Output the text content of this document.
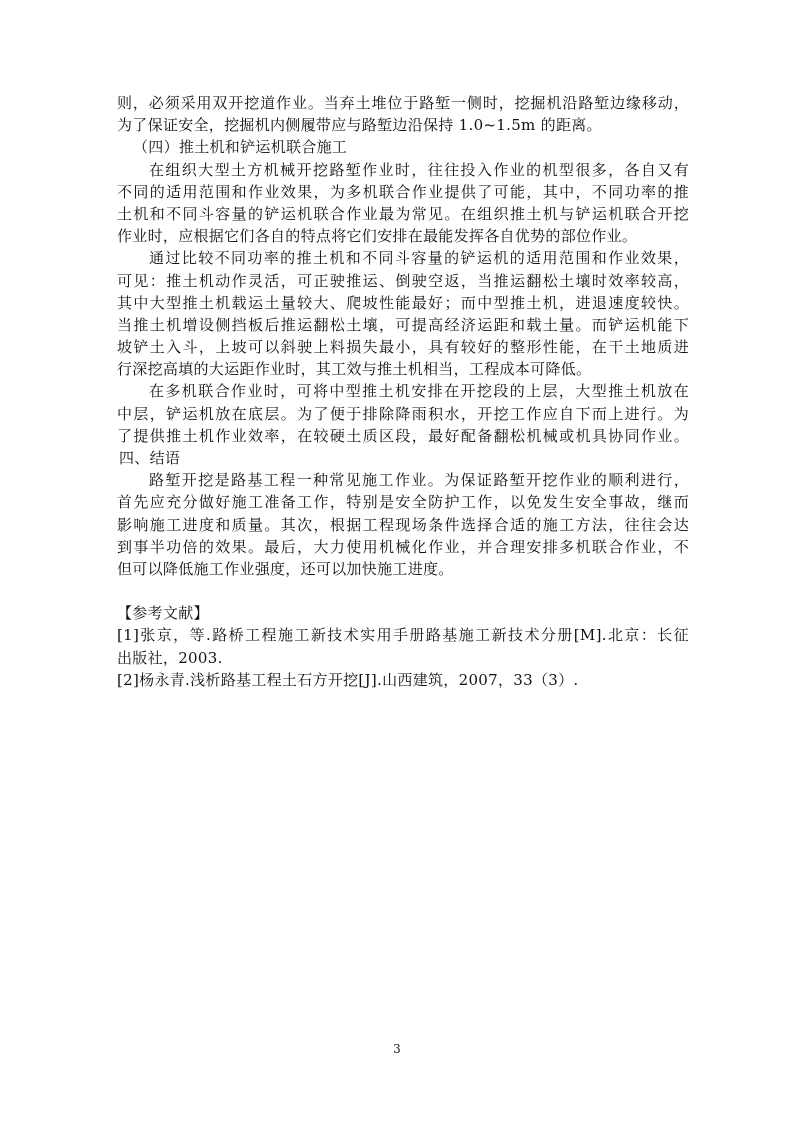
则，必须采用双开挖道作业。当弃土堆位于路堑一侧时，挖掘机沿路堑边缘移动，
为了保证安全，挖掘机内侧履带应与路堑边沿保持 1.0~1.5m 的距离。
（四）推土机和铲运机联合施工
在组织大型土方机械开挖路堑作业时，往往投入作业的机型很多，各自又有
不同的适用范围和作业效果，为多机联合作业提供了可能，其中，不同功率的推
土机和不同斗容量的铲运机联合作业最为常见。在组织推土机与铲运机联合开挖
作业时，应根据它们各自的特点将它们安排在最能发挥各自优势的部位作业。
通过比较不同功率的推土机和不同斗容量的铲运机的适用范围和作业效果，
可见：推土机动作灵活，可正驶推运、倒驶空返，当推运翻松土壤时效率较高，
其中大型推土机载运土量较大、爬坡性能最好；而中型推土机，进退速度较快。
当推土机增设侧挡板后推运翻松土壤，可提高经济运距和载土量。而铲运机能下
坡铲土入斗，上坡可以斜驶上料损失最小，具有较好的整形性能，在干土地质进
行深挖高填的大运距作业时，其工效与推土机相当，工程成本可降低。
在多机联合作业时，可将中型推土机安排在开挖段的上层，大型推土机放在
中层，铲运机放在底层。为了便于排除降雨积水，开挖工作应自下而上进行。为
了提供推土机作业效率，在较硬土质区段，最好配备翻松机械或机具协同作业。
四、结语
路堑开挖是路基工程一种常见施工作业。为保证路堑开挖作业的顺利进行，
首先应充分做好施工准备工作，特别是安全防护工作，以免发生安全事故，继而
影响施工进度和质量。其次，根据工程现场条件选择合适的施工方法，往往会达
到事半功倍的效果。最后，大力使用机械化作业，并合理安排多机联合作业，不
但可以降低施工作业强度，还可以加快施工进度。
【参考文献】
[1]张京，等.路桥工程施工新技术实用手册路基施工新技术分册[M].北京：长征
出版社，2003.
[2]杨永青.浅析路基工程土石方开挖[J].山西建筑，2007，33（3）.
3
